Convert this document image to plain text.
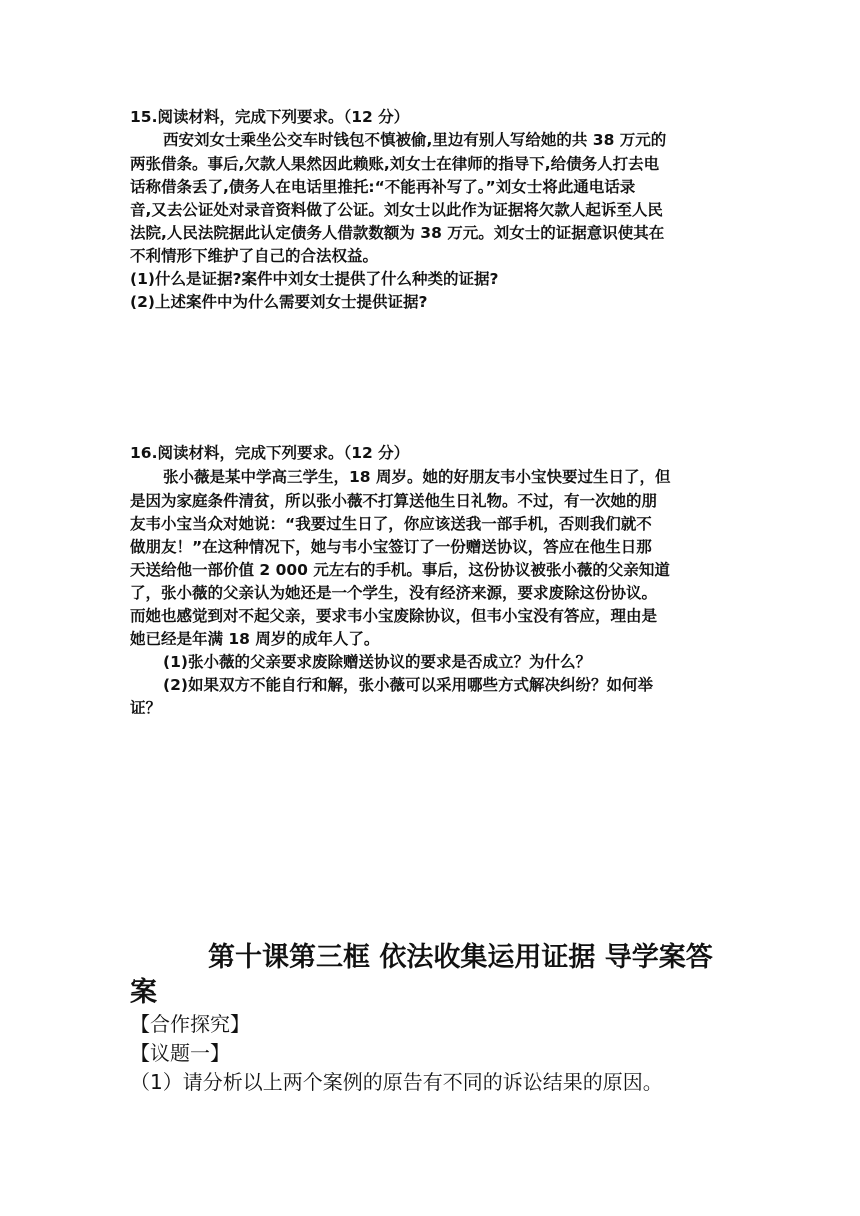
15.阅读材料，完成下列要求。（12 分）
西安刘女士乘坐公交车时钱包不慎被偷,里边有别人写给她的共 38 万元的
两张借条。事后,欠款人果然因此赖账,刘女士在律师的指导下,给债务人打去电
话称借条丢了,债务人在电话里推托:“不能再补写了。”刘女士将此通电话录
音,又去公证处对录音资料做了公证。刘女士以此作为证据将欠款人起诉至人民
法院,人民法院据此认定债务人借款数额为 38 万元。刘女士的证据意识使其在
不利情形下维护了自己的合法权益。
(1)什么是证据?案件中刘女士提供了什么种类的证据?
(2)上述案件中为什么需要刘女士提供证据?
16.阅读材料，完成下列要求。（12 分）
张小薇是某中学高三学生，18 周岁。她的好朋友韦小宝快要过生日了，但
是因为家庭条件清贫，所以张小薇不打算送他生日礼物。不过，有一次她的朋
友韦小宝当众对她说：“我要过生日了，你应该送我一部手机，否则我们就不
做朋友！”在这种情况下，她与韦小宝签订了一份赠送协议，答应在他生日那
天送给他一部价值 2 000 元左右的手机。事后，这份协议被张小薇的父亲知道
了，张小薇的父亲认为她还是一个学生，没有经济来源，要求废除这份协议。
而她也感觉到对不起父亲，要求韦小宝废除协议，但韦小宝没有答应，理由是
她已经是年满 18 周岁的成年人了。
(1)张小薇的父亲要求废除赠送协议的要求是否成立？为什么？
(2)如果双方不能自行和解，张小薇可以采用哪些方式解决纠纷？如何举
证？
第十课第三框 依法收集运用证据 导学案答
案
【合作探究】
【议题一】
（1）请分析以上两个案例的原告有不同的诉讼结果的原因。
